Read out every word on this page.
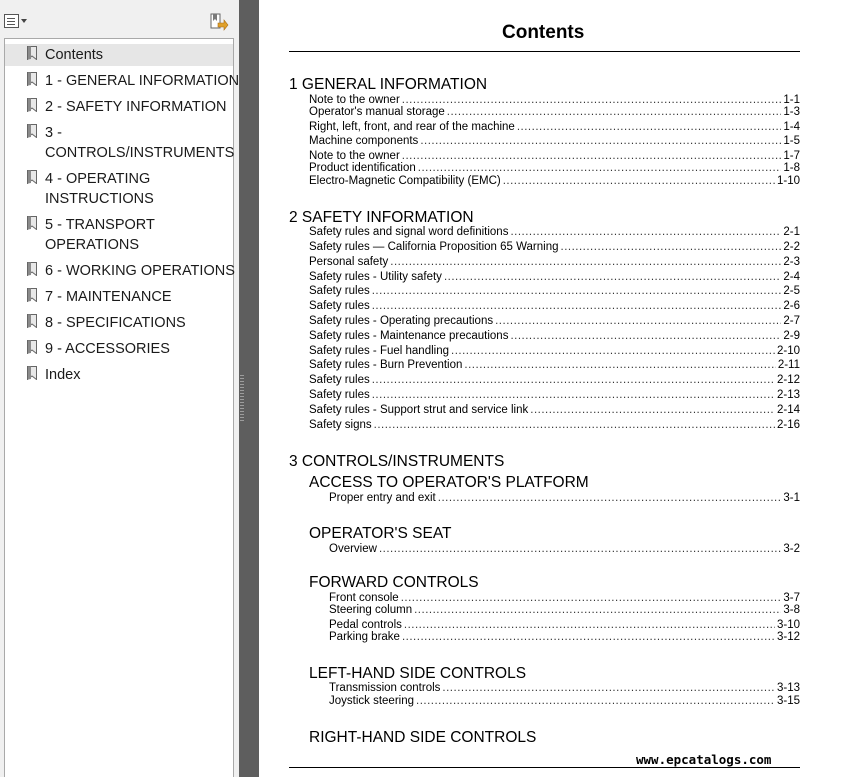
Contents
1 - GENERAL INFORMATION
2 - SAFETY INFORMATION
3 -
CONTROLS/INSTRUMENTS
4 - OPERATING
INSTRUCTIONS
5 - TRANSPORT
OPERATIONS
6 - WORKING OPERATIONS
7 - MAINTENANCE
8 - SPECIFICATIONS
9 - ACCESSORIES
Index
Contents
1 GENERAL INFORMATION
Note to the owner .....	1-1
Operator's manual storage .....	1-3
Right, left, front, and rear of the machine .....	1-4
Machine components .....	1-5
Note to the owner .....	1-7
Product identification .....	1-8
Electro-Magnetic Compatibility (EMC) .....	1-10
2 SAFETY INFORMATION
Safety rules and signal word definitions .....	2-1
Safety rules — California Proposition 65 Warning .....	2-2
Personal safety .....	2-3
Safety rules - Utility safety .....	2-4
Safety rules .....	2-5
Safety rules .....	2-6
Safety rules - Operating precautions .....	2-7
Safety rules - Maintenance precautions .....	2-9
Safety rules - Fuel handling .....	2-10
Safety rules - Burn Prevention .....	2-11
Safety rules .....	2-12
Safety rules .....	2-13
Safety rules - Support strut and service link .....	2-14
Safety signs .....	2-16
3 CONTROLS/INSTRUMENTS
ACCESS TO OPERATOR'S PLATFORM
Proper entry and exit .....	3-1
OPERATOR'S SEAT
Overview .....	3-2
FORWARD CONTROLS
Front console .....	3-7
Steering column .....	3-8
Pedal controls .....	3-10
Parking brake .....	3-12
LEFT-HAND SIDE CONTROLS
Transmission controls .....	3-13
Joystick steering .....	3-15
RIGHT-HAND SIDE CONTROLS
www.epcatalogs.com
